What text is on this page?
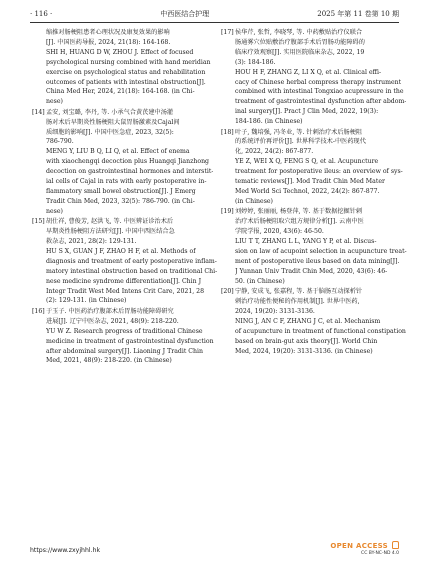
· 116 ·	中西医结合护理	2025 年第 11 卷第 10 期
缩推对肠梗阻患者心理状况及康复效果的影响
[J]. 中国医药导报, 2024, 21(18): 164-168.
SHI H, HUANG D W, ZHOU J. Effect of focused
psychological nursing combined with hand meridian
exercise on psychological status and rehabilitation
outcomes of patients with intestinal obstruction[J].
China Med Her, 2024, 21(18): 164-168. (in Chi-
nese)
[14] 孟安, 刘宝璐, 李丹, 等. 小承气合黄芪建中汤灌
肠对术后早期炎性肠梗阻大鼠胃肠激素及Cajal间
质细胞的影响[J]. 中国中医急症, 2023, 32(5):
786-790.
MENG Y, LIU B Q, LI Q, et al. Effect of enema
with xiaochengqi decoction plus Huangqi Jianzhong
decoction on gastrointestinal hormones and interstit-
ial cells of Cajal in rats with early postoperative in-
flammatory small bowel obstruction[J]. J Emerg
Tradit Chin Med, 2023, 32(5): 786-790. (in Chi-
nese)
[15] 胡仕祥, 曹俊芳, 赵洪飞, 等. 中医辨证诊治术后
早期炎性肠梗阻方法研究[J]. 中国中西医结合急
救杂志, 2021, 28(2): 129-131.
HU S X, GUAN J F, ZHAO H F, et al. Methods of
diagnosis and treatment of early postoperative inflam-
matory intestinal obstruction based on traditional Chi-
nese medicine syndrome differentiation[J]. Chin J
Integr Tradit West Med Intens Crit Care, 2021, 28
(2): 129-131. (in Chinese)
[16] 于玉子. 中医药治疗腹部术后胃肠功能障碍研究
进展[J]. 辽宁中医杂志, 2021, 48(9): 218-220.
YU W Z. Research progress of traditional Chinese
medicine in treatment of gastrointestinal dysfunction
after abdominal surgery[J]. Liaoning J Tradit Chin
Med, 2021, 48(9): 218-220. (in Chinese)
[17] 侯华芹, 张哲, 李晓琴, 等. 中药敷贴治疗仪联合
肠通雾穴位贴敷治疗腹部手术后胃肠功能障碍的
临床疗效观察[J]. 实用医院临床杂志, 2022, 19
(3): 184-186.
HOU H F, ZHANG Z, LI X Q, et al. Clinical effi-
cacy of Chinese herbal compress therapy instrument
combined with intestinal Tongxiao acupressure in the
treatment of gastrointestinal dysfunction after abdom-
inal surgery[J]. Pract J Clin Med, 2022, 19(3):
184-186. (in Chinese)
[18] 叶子, 魏培强, 冯冬业, 等. 针刺治疗术后肠梗阻
的系统评价再评价[J]. 世界科学技术-中医药现代
化, 2022, 24(2): 867-877.
YE Z, WEI X Q, FENG S Q, et al. Acupuncture
treatment for postoperative ileus: an overview of sys-
tematic reviews[J]. Mod Tradit Chin Med Mater
Med World Sci Technol, 2022, 24(2): 867-877.
(in Chinese)
[19] 刘婷婷, 张丽丽, 杨登萍, 等. 基于数据挖掘针刺
治疗术后肠梗阻取穴组方规律分析[J]. 云南中医
学院学报, 2020, 43(6): 46-50.
LIU T T, ZHANG L L, YANG Y P, et al. Discus-
sion on law of acupoint selection in acupuncture treat-
ment of postoperative ileus based on data mining[J].
J Yunnan Univ Tradit Chin Med, 2020, 43(6): 46-
50. (in Chinese)
[20] 宁静, 安成飞, 张嘉程, 等. 基于脑肠互动探析针
刺治疗功能性便秘的作用机制[J]. 世界中医药,
2024, 19(20): 3131-3136.
NING J, AN C F, ZHANG J C, et al. Mechanism
of acupuncture in treatment of functional constipation
based on brain-gut axis theory[J]. World Chin
Med, 2024, 19(20): 3131-3136. (in Chinese)
https://www.zxyjhhl.hk
OPEN ACCESS
CC BY-NC-ND 4.0
